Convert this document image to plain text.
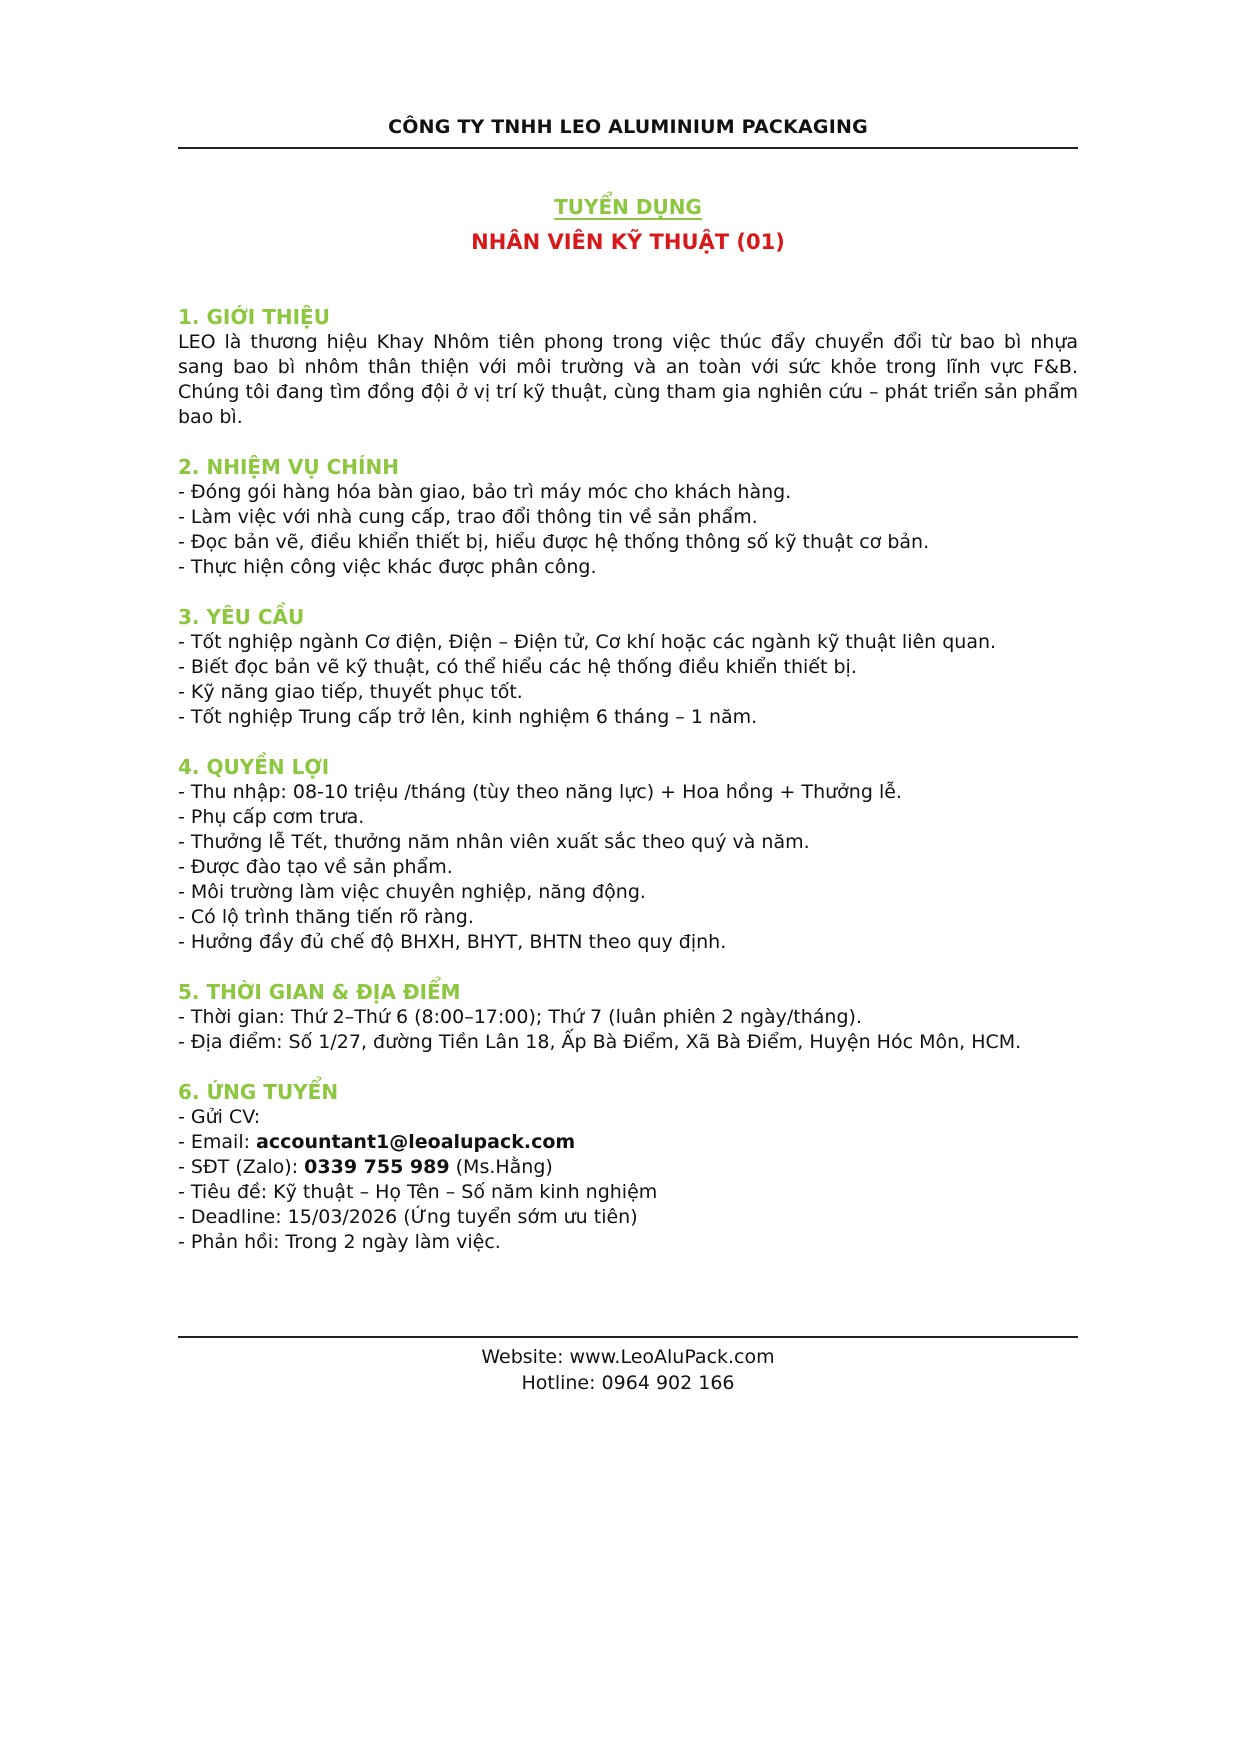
CÔNG TY TNHH LEO ALUMINIUM PACKAGING
TUYỂN DỤNG
NHÂN VIÊN KỸ THUẬT (01)

1. GIỚI THIỆU

LEO là thương hiệu Khay Nhôm tiên phong trong việc thúc đẩy chuyển đổi từ bao bì nhựa sang bao bì nhôm thân thiện với môi trường và an toàn với sức khỏe trong lĩnh vực F&B. Chúng tôi đang tìm đồng đội ở vị trí kỹ thuật, cùng tham gia nghiên cứu – phát triển sản phẩm bao bì.

2. NHIỆM VỤ CHÍNH

- Đóng gói hàng hóa bàn giao, bảo trì máy móc cho khách hàng.

- Làm việc với nhà cung cấp, trao đổi thông tin về sản phẩm.

- Đọc bản vẽ, điều khiển thiết bị, hiểu được hệ thống thông số kỹ thuật cơ bản.

- Thực hiện công việc khác được phân công.

3. YÊU CẦU

- Tốt nghiệp ngành Cơ điện, Điện – Điện tử, Cơ khí hoặc các ngành kỹ thuật liên quan.

- Biết đọc bản vẽ kỹ thuật, có thể hiểu các hệ thống điều khiển thiết bị.

- Kỹ năng giao tiếp, thuyết phục tốt.

- Tốt nghiệp Trung cấp trở lên, kinh nghiệm 6 tháng – 1 năm.

4. QUYỀN LỢI

- Thu nhập: 08-10 triệu /tháng (tùy theo năng lực) + Hoa hồng + Thưởng lễ.

- Phụ cấp cơm trưa.

- Thưởng lễ Tết, thưởng năm nhân viên xuất sắc theo quý và năm.

- Được đào tạo về sản phẩm.

- Môi trường làm việc chuyên nghiệp, năng động.

- Có lộ trình thăng tiến rõ ràng.

- Hưởng đầy đủ chế độ BHXH, BHYT, BHTN theo quy định.

5. THỜI GIAN & ĐỊA ĐIỂM

- Thời gian: Thứ 2–Thứ 6 (8:00–17:00); Thứ 7 (luân phiên 2 ngày/tháng).

- Địa điểm: Số 1/27, đường Tiền Lân 18, Ấp Bà Điểm, Xã Bà Điểm, Huyện Hóc Môn, HCM.

6. ỨNG TUYỂN

- Gửi CV:

- Email: accountant1@leoalupack.com

- SĐT (Zalo): 0339 755 989 (Ms.Hằng)

- Tiêu đề: Kỹ thuật – Họ Tên – Số năm kinh nghiệm

- Deadline: 15/03/2026 (Ứng tuyển sớm ưu tiên)

- Phản hồi: Trong 2 ngày làm việc.

Website: www.LeoAluPack.com
Hotline: 0964 902 166
